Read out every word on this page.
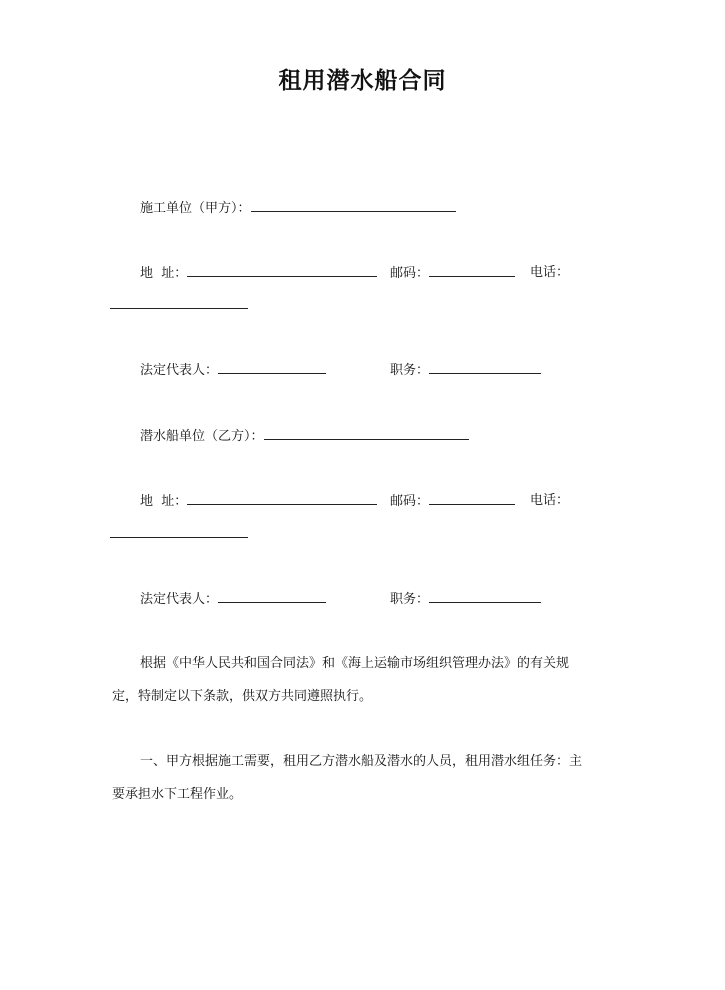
租用潜水船合同
施工单位（甲方）：
地  址：	邮码：	电话：
法定代表人：	职务：
潜水船单位（乙方）：
地  址：	邮码：	电话：
法定代表人：	职务：
根据《中华人民共和国合同法》和《海上运输市场组织管理办法》的有关规
定，特制定以下条款，供双方共同遵照执行。
一、甲方根据施工需要，租用乙方潜水船及潜水的人员，租用潜水组任务：主
要承担水下工程作业。
